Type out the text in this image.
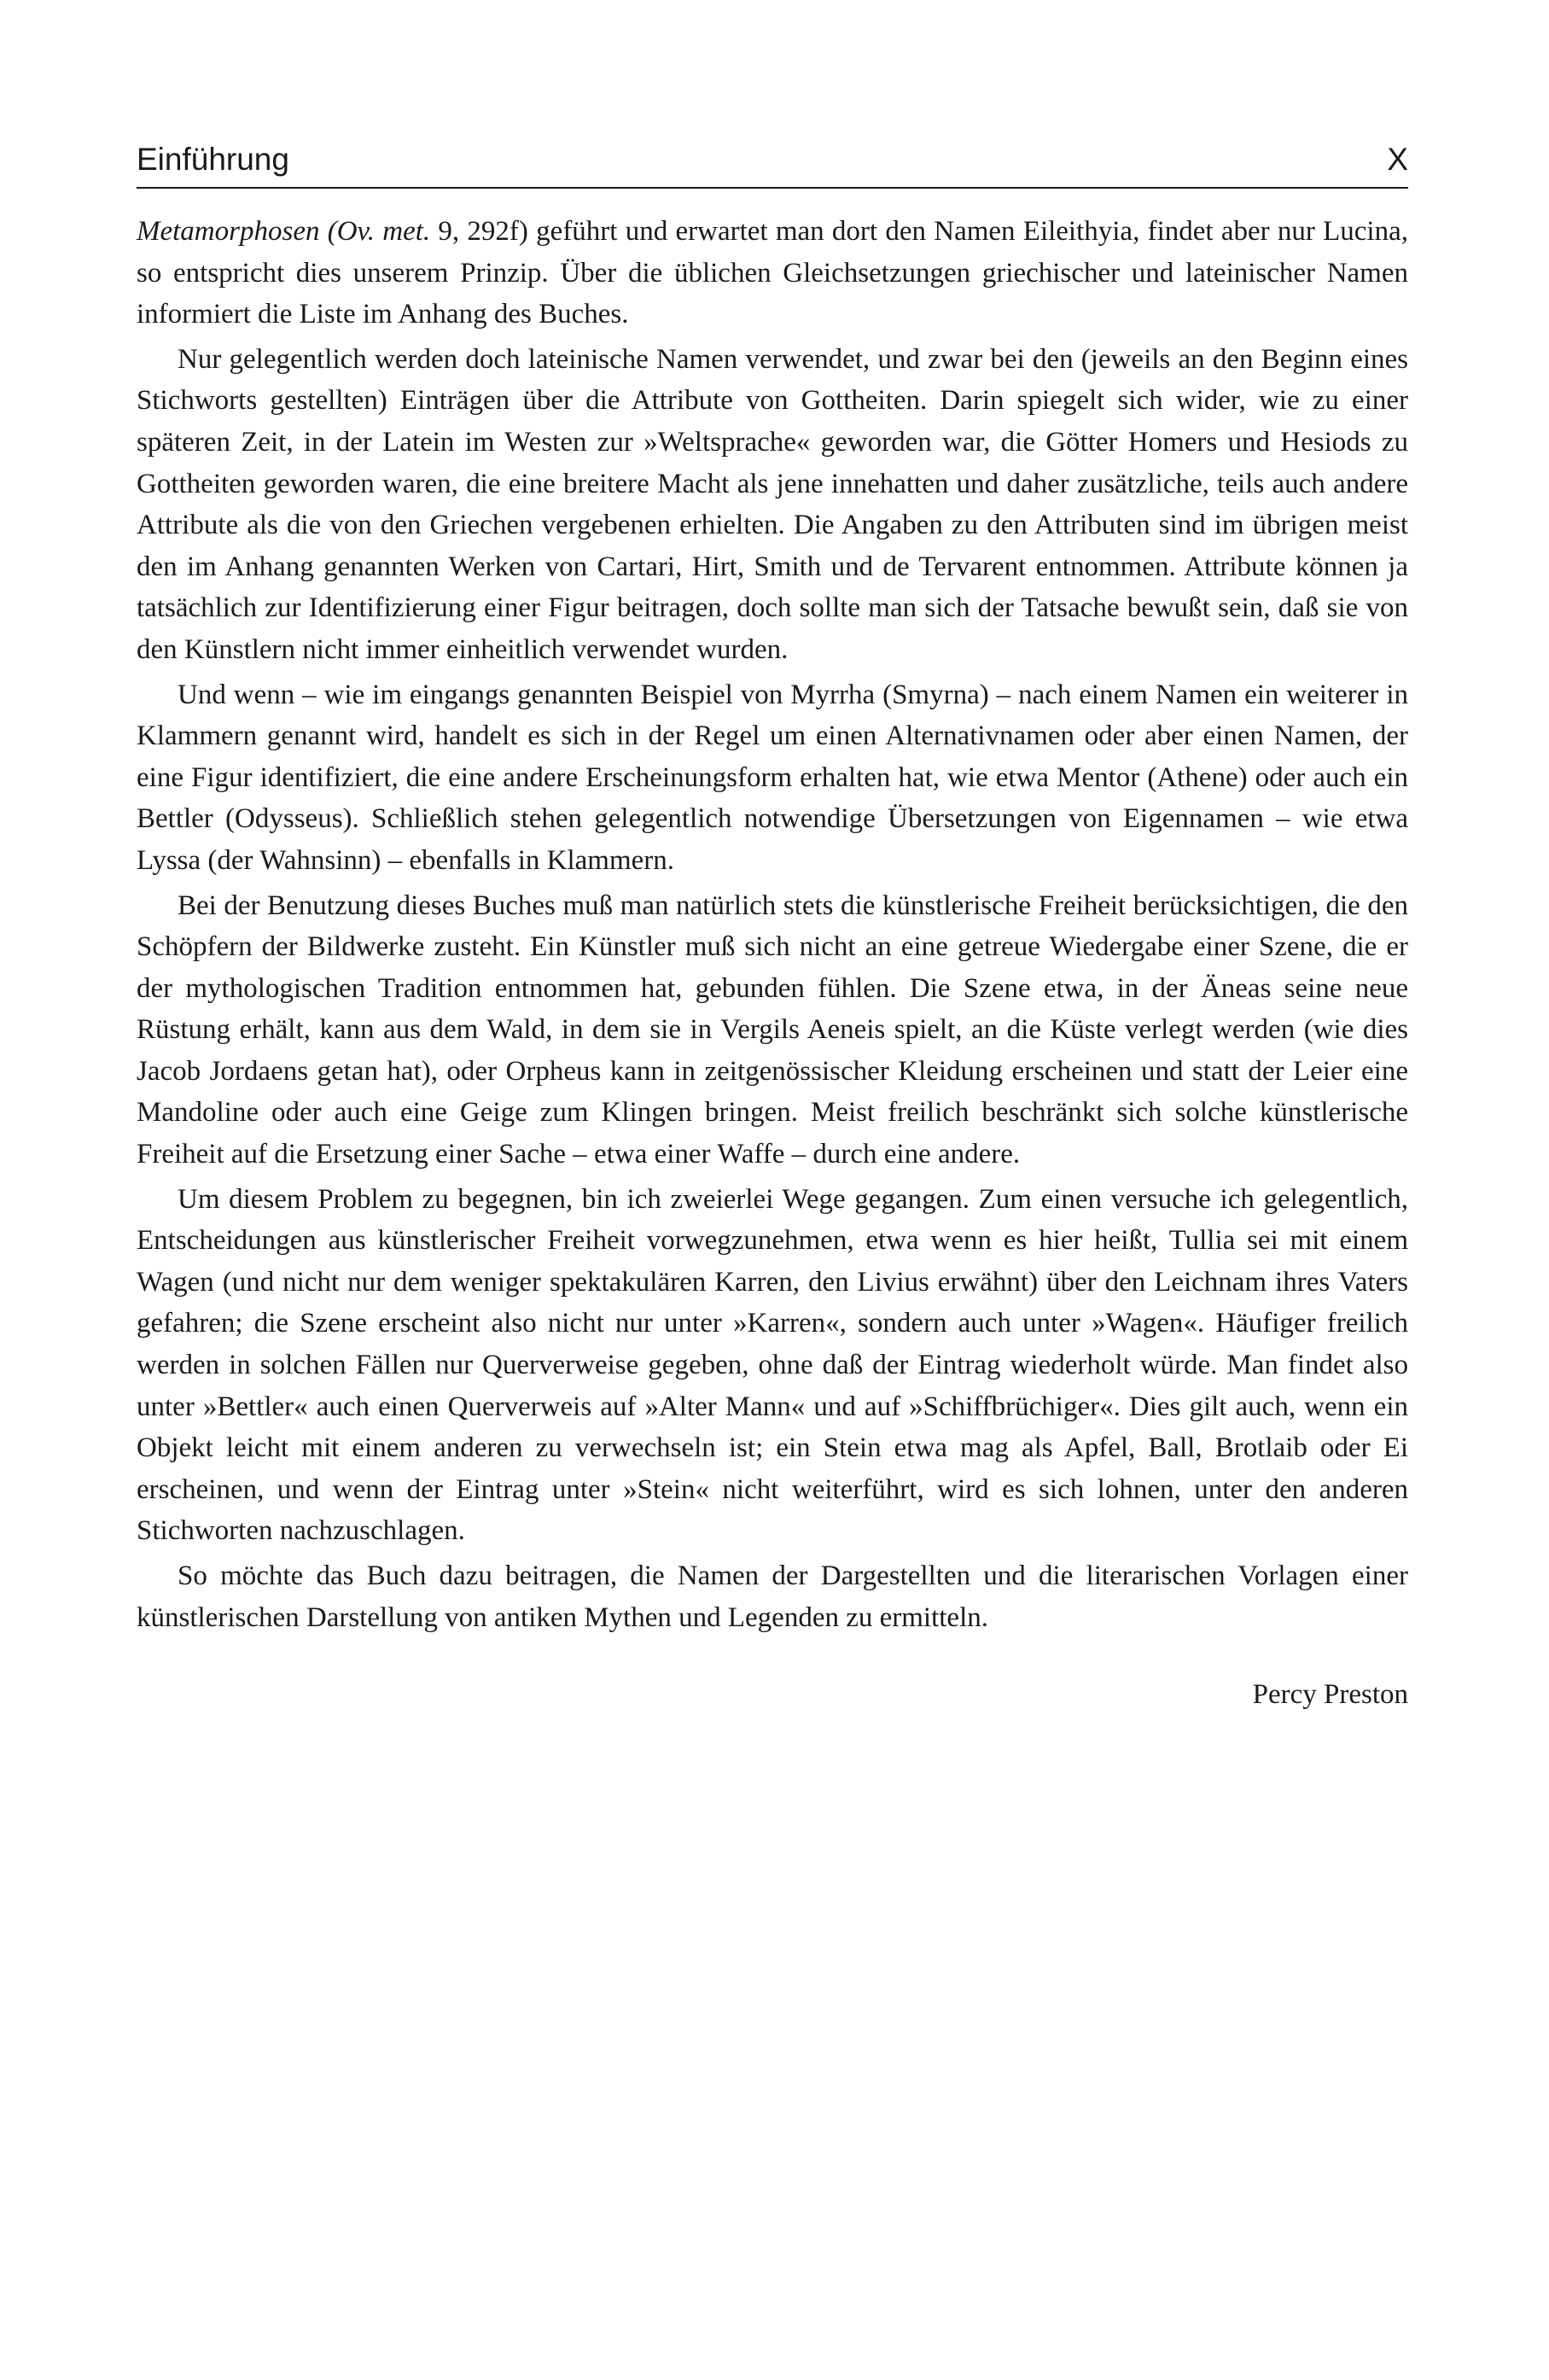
Einführung	X

Metamorphosen (Ov. met. 9, 292f) geführt und erwartet man dort den Namen Eileithyia, findet aber nur Lucina, so entspricht dies unserem Prinzip. Über die üblichen Gleichsetzungen griechischer und lateinischer Namen informiert die Liste im Anhang des Buches.

Nur gelegentlich werden doch lateinische Namen verwendet, und zwar bei den (jeweils an den Beginn eines Stichworts gestellten) Einträgen über die Attribute von Gottheiten. Darin spiegelt sich wider, wie zu einer späteren Zeit, in der Latein im Westen zur »Weltsprache« geworden war, die Götter Homers und Hesiods zu Gottheiten geworden waren, die eine breitere Macht als jene innehatten und daher zusätzliche, teils auch andere Attribute als die von den Griechen vergebenen erhielten. Die Angaben zu den Attributen sind im übrigen meist den im Anhang genannten Werken von Cartari, Hirt, Smith und de Tervarent entnommen. Attribute können ja tatsächlich zur Identifizierung einer Figur beitragen, doch sollte man sich der Tatsache bewußt sein, daß sie von den Künstlern nicht immer einheitlich verwendet wurden.

Und wenn – wie im eingangs genannten Beispiel von Myrrha (Smyrna) – nach einem Namen ein weiterer in Klammern genannt wird, handelt es sich in der Regel um einen Alternativnamen oder aber einen Namen, der eine Figur identifiziert, die eine andere Erscheinungsform erhalten hat, wie etwa Mentor (Athene) oder auch ein Bettler (Odysseus). Schließlich stehen gelegentlich notwendige Übersetzungen von Eigennamen – wie etwa Lyssa (der Wahnsinn) – ebenfalls in Klammern.

Bei der Benutzung dieses Buches muß man natürlich stets die künstlerische Freiheit berücksichtigen, die den Schöpfern der Bildwerke zusteht. Ein Künstler muß sich nicht an eine getreue Wiedergabe einer Szene, die er der mythologischen Tradition entnommen hat, gebunden fühlen. Die Szene etwa, in der Äneas seine neue Rüstung erhält, kann aus dem Wald, in dem sie in Vergils Aeneis spielt, an die Küste verlegt werden (wie dies Jacob Jordaens getan hat), oder Orpheus kann in zeitgenössischer Kleidung erscheinen und statt der Leier eine Mandoline oder auch eine Geige zum Klingen bringen. Meist freilich beschränkt sich solche künstlerische Freiheit auf die Ersetzung einer Sache – etwa einer Waffe – durch eine andere.

Um diesem Problem zu begegnen, bin ich zweierlei Wege gegangen. Zum einen versuche ich gelegentlich, Entscheidungen aus künstlerischer Freiheit vorwegzunehmen, etwa wenn es hier heißt, Tullia sei mit einem Wagen (und nicht nur dem weniger spektakulären Karren, den Livius erwähnt) über den Leichnam ihres Vaters gefahren; die Szene erscheint also nicht nur unter »Karren«, sondern auch unter »Wagen«. Häufiger freilich werden in solchen Fällen nur Querverweise gegeben, ohne daß der Eintrag wiederholt würde. Man findet also unter »Bettler« auch einen Querverweis auf »Alter Mann« und auf »Schiffbrüchiger«. Dies gilt auch, wenn ein Objekt leicht mit einem anderen zu verwechseln ist; ein Stein etwa mag als Apfel, Ball, Brotlaib oder Ei erscheinen, und wenn der Eintrag unter »Stein« nicht weiterführt, wird es sich lohnen, unter den anderen Stichworten nachzuschlagen.

So möchte das Buch dazu beitragen, die Namen der Dargestellten und die literarischen Vorlagen einer künstlerischen Darstellung von antiken Mythen und Legenden zu ermitteln.

Percy Preston
